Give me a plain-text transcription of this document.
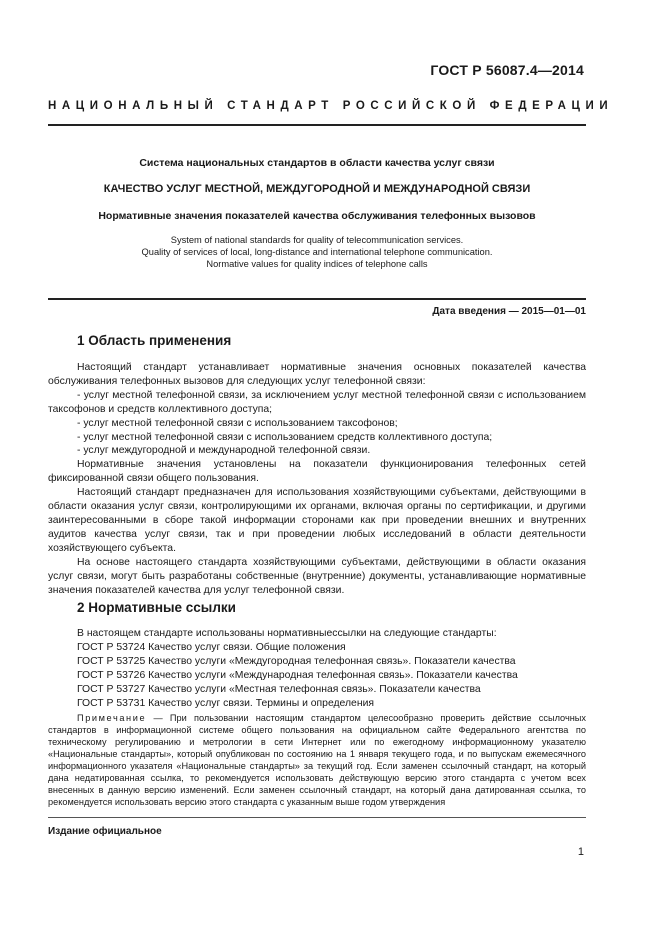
ГОСТ Р 56087.4—2014
НАЦИОНАЛЬНЫЙ СТАНДАРТ РОССИЙСКОЙ ФЕДЕРАЦИИ
Система национальных стандартов в области качества услуг связи
КАЧЕСТВО УСЛУГ МЕСТНОЙ, МЕЖДУГОРОДНОЙ И МЕЖДУНАРОДНОЙ СВЯЗИ
Нормативные значения показателей качества обслуживания телефонных вызовов
System of national standards for quality of telecommunication services.
Quality of services of local, long-distance and international telephone communication.
Normative values for quality indices of telephone calls
Дата введения — 2015—01—01
1 Область применения

Настоящий стандарт устанавливает нормативные значения основных показателей качества обслуживания телефонных вызовов для следующих услуг телефонной связи:

- услуг местной телефонной связи, за исключением услуг местной телефонной связи с использованием таксофонов и средств коллективного доступа;

- услуг местной телефонной связи с использованием таксофонов;

- услуг местной телефонной связи с использованием средств коллективного доступа;

- услуг междугородной и международной телефонной связи.

Нормативные значения установлены на показатели функционирования телефонных сетей фиксированной связи общего пользования.

Настоящий стандарт предназначен для использования хозяйствующими субъектами, действующими в области оказания услуг связи, контролирующими их органами, включая органы по сертификации, и другими заинтересованными в сборе такой информации сторонами как при проведении внешних и внутренних аудитов качества услуг связи, так и при проведении любых исследований в области деятельности хозяйствующего субъекта.

На основе настоящего стандарта хозяйствующими субъектами, действующими в области оказания услуг связи, могут быть разработаны собственные (внутренние) документы, устанавливающие нормативные значения показателей качества для услуг телефонной связи.

2 Нормативные ссылки

В настоящем стандарте использованы нормативныессылки на следующие стандарты:

ГОСТ Р 53724 Качество услуг связи. Общие положения

ГОСТ Р 53725 Качество услуги «Междугородная телефонная связь». Показатели качества

ГОСТ Р 53726 Качество услуги «Международная телефонная связь». Показатели качества

ГОСТ Р 53727 Качество услуги «Местная телефонная связь». Показатели качества

ГОСТ Р 53731 Качество услуг связи. Термины и определения

Примечание — При пользовании настоящим стандартом целесообразно проверить действие ссылочных стандартов в информационной системе общего пользования на официальном сайте Федерального агентства по техническому регулированию и метрологии в сети Интернет или по ежегодному информационному указателю «Национальные стандарты», который опубликован по состоянию на 1 января текущего года, и по выпускам ежемесячного информационного указателя «Национальные стандарты» за текущий год. Если заменен ссылочный стандарт, на который дана недатированная ссылка, то рекомендуется использовать действующую версию этого стандарта с учетом всех внесенных в данную версию изменений. Если заменен ссылочный стандарт, на который дана датированная ссылка, то рекомендуется использовать версию этого стандарта с указанным выше годом утверждения
Издание официальное
1
